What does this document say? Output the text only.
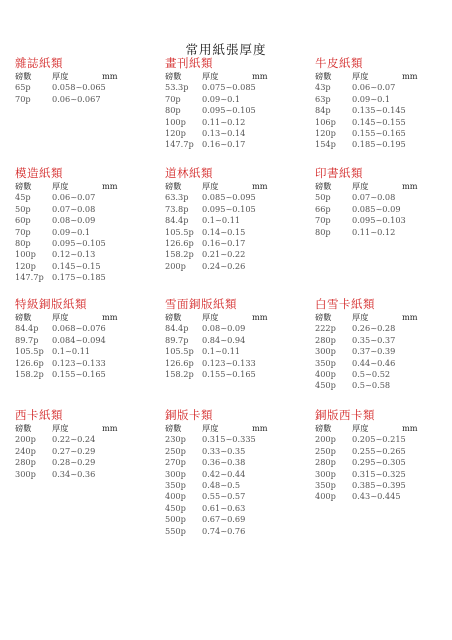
常用紙張厚度
雜誌紙類
磅數	厚度	mm
65p	0.058~0.065
70p	0.06~0.067
畫刊紙類
磅數	厚度	mm
53.3p 0.075~0.085
70p	0.09~0.1
80p	0.095~0.105
100p 0.11~0.12
120p 0.13~0.14
147.7p 0.16~0.17
牛皮紙類
磅數	厚度	mm
43p	0.06~0.07
63p	0.09~0.1
84p	0.135~0.145
106p 0.145~0.155
120p 0.155~0.165
154p 0.185~0.195
模造紙類
磅數	厚度	mm
45p	0.06~0.07
50p	0.07~0.08
60p	0.08~0.09
70p	0.09~0.1
80p	0.095~0.105
100p 0.12~0.13
120p 0.145~0.15
147.7p 0.175~0.185
道林紙類
磅數	厚度	mm
63.3p 0.085~0.095
73.8p 0.095~0.105
84.4p 0.1~0.11
105.5p 0.14~0.15
126.6p 0.16~0.17
158.2p 0.21~0.22
200p 0.24~0.26
印書紙類
磅數	厚度	mm
50p	0.07~0.08
66p	0.085~0.09
70p	0.095~0.103
80p	0.11~0.12
特級銅版紙類
磅數	厚度	mm
84.4p 0.068~0.076
89.7p 0.084~0.094
105.5p 0.1~0.11
126.6p 0.123~0.133
158.2p 0.155~0.165
雪面銅版紙類
磅數	厚度	mm
84.4p 0.08~0.09
89.7p 0.84~0.94
105.5p 0.1~0.11
126.6p 0.123~0.133
158.2p 0.155~0.165
白雪卡紙類
磅數	厚度	mm
222p 0.26~0.28
280p 0.35~0.37
300p 0.37~0.39
350p 0.44~0.46
400p 0.5~0.52
450p 0.5~0.58
西卡紙類
磅數	厚度	mm
200p 0.22~0.24
240p 0.27~0.29
280p 0.28~0.29
300p 0.34~0.36
銅版卡類
磅數	厚度	mm
230p 0.315~0.335
250p 0.33~0.35
270p 0.36~0.38
300p 0.42~0.44
350p 0.48~0.5
400p 0.55~0.57
450p 0.61~0.63
500p 0.67~0.69
550p 0.74~0.76
銅版西卡類
磅數	厚度	mm
200p 0.205~0.215
250p 0.255~0.265
280p 0.295~0.305
300p 0.315~0.325
350p 0.385~0.395
400p 0.43~0.445
